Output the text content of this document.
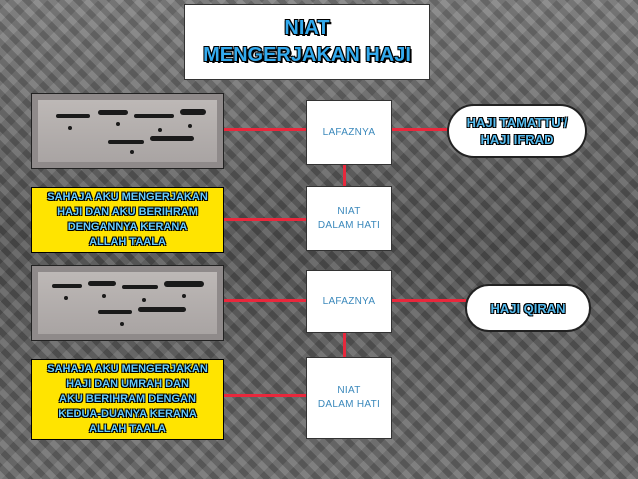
NIAT
MENGERJAKAN HAJI
LAFAZNYA
NIAT
DALAM HATI
HAJI TAMATTU'/
HAJI IFRAD
SAHAJA AKU MENGERJAKAN
HAJI DAN AKU BERIHRAM
DENGANNYA KERANA
ALLAH TAALA
LAFAZNYA
NIAT
DALAM HATI
HAJI QIRAN
SAHAJA AKU MENGERJAKAN
HAJI DAN UMRAH DAN
AKU BERIHRAM DENGAN
KEDUA-DUANYA KERANA
ALLAH TAALA
